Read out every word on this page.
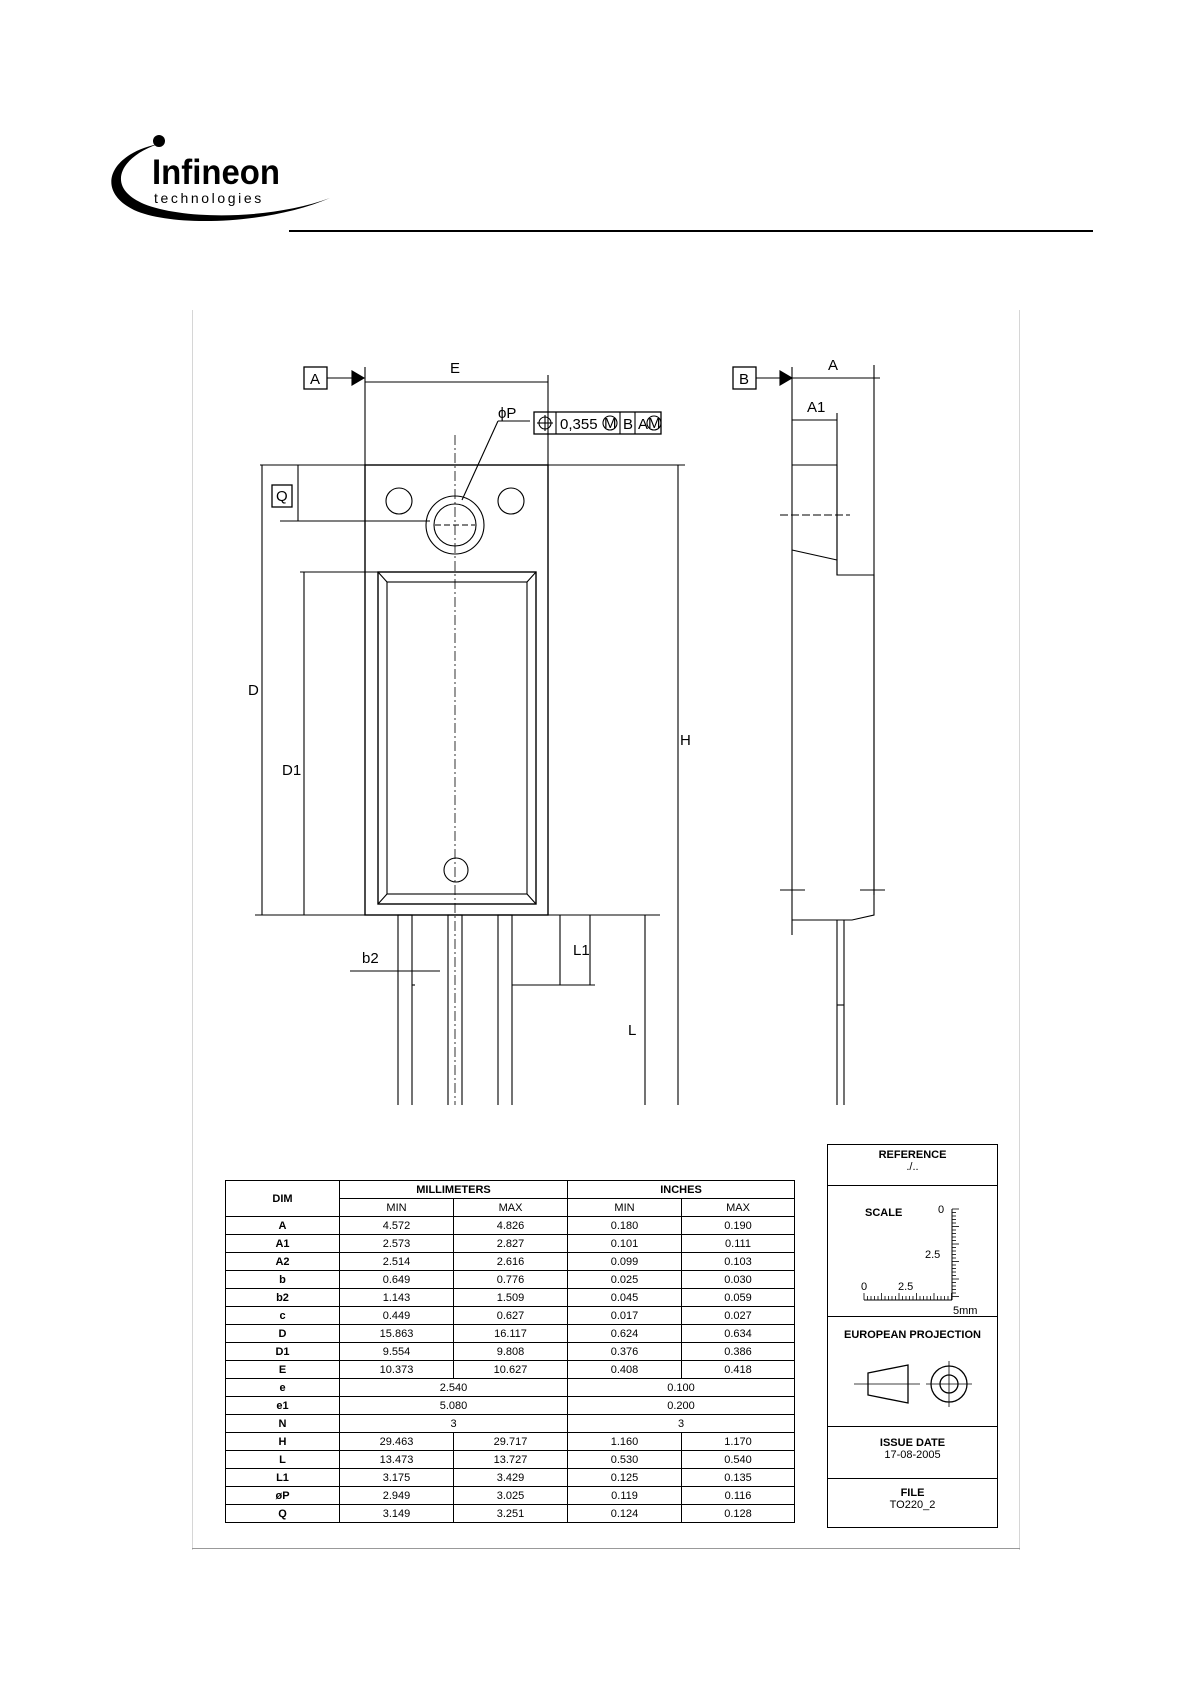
Infineon
technologies
A
E
ϕP
0,355 M B A M
Q
D
D1
H
L1
L
b2
B
A
A1
DIM	MILLIMETERS		INCHES	
	MIN	MAX	MIN	MAX
A	4.572	4.826	0.180	0.190
A1	2.573	2.827	0.101	0.111
A2	2.514	2.616	0.099	0.103
b	0.649	0.776	0.025	0.030
b2	1.143	1.509	0.045	0.059
c	0.449	0.627	0.017	0.027
D	15.863	16.117	0.624	0.634
D1	9.554	9.808	0.376	0.386
E	10.373	10.627	0.408	0.418
e	2.540		0.100	
e1	5.080		0.200	
N	3		3	
H	29.463	29.717	1.160	1.170
L	13.473	13.727	0.530	0.540
L1	3.175	3.429	0.125	0.135
øP	2.949	3.025	0.119	0.116
Q	3.149	3.251	0.124	0.128
REFERENCE
./..
SCALE	0
2.5
0	2.5
5mm
EUROPEAN PROJECTION
ISSUE DATE
17-08-2005
FILE
TO220_2
